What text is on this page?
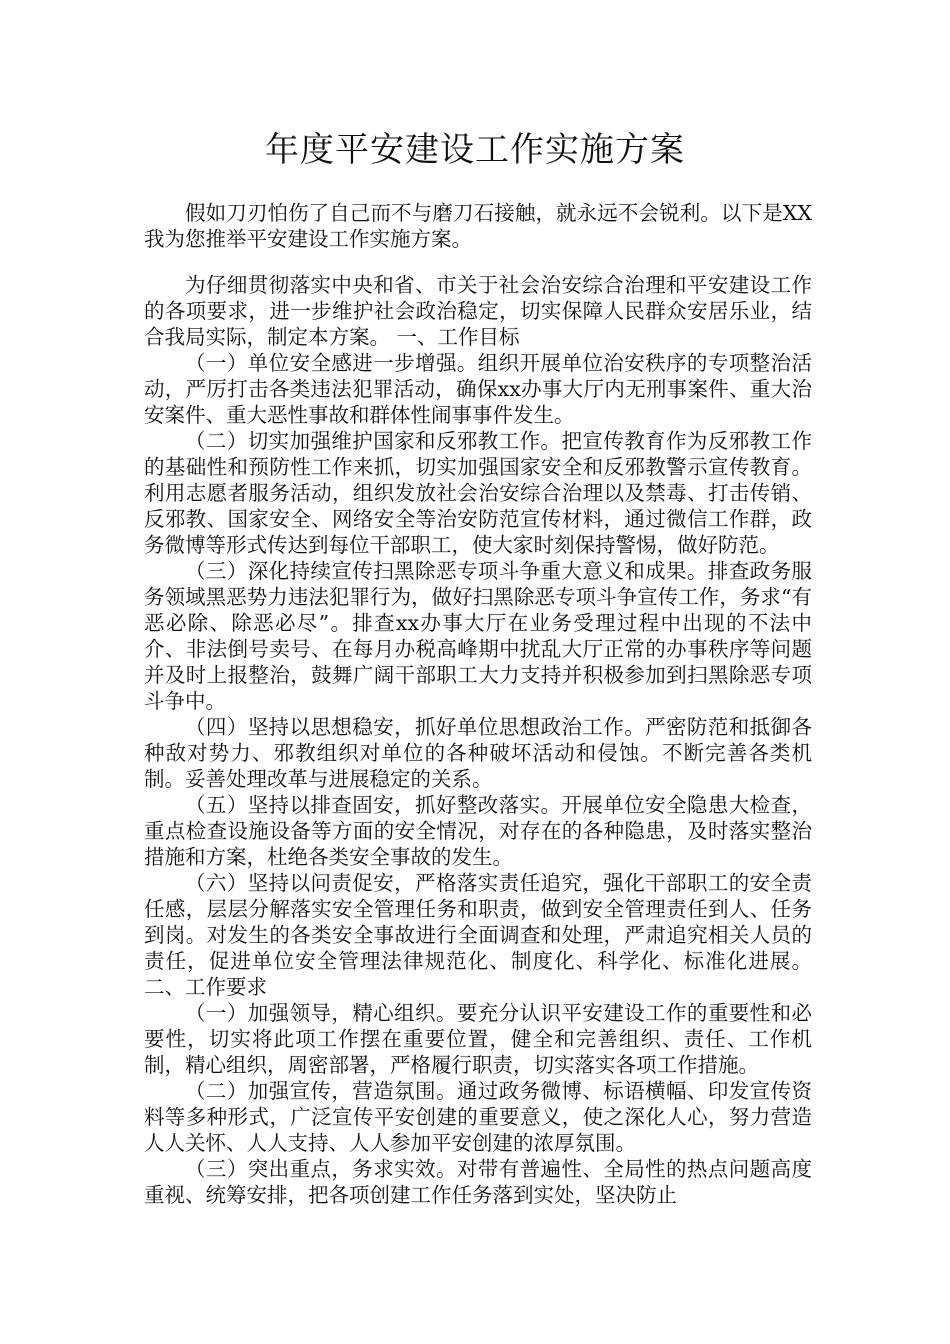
年度平安建设工作实施方案

假如刀刃怕伤了自己而不与磨刀石接触，就永远不会锐利。以下是XX我为您推举平安建设工作实施方案。

为仔细贯彻落实中央和省、市关于社会治安综合治理和平安建设工作的各项要求，进一步维护社会政治稳定，切实保障人民群众安居乐业，结合我局实际，制定本方案。 一、工作目标

（一）单位安全感进一步增强。组织开展单位治安秩序的专项整治活动，严厉打击各类违法犯罪活动，确保xx办事大厅内无刑事案件、重大治安案件、重大恶性事故和群体性闹事事件发生。

（二）切实加强维护国家和反邪教工作。把宣传教育作为反邪教工作的基础性和预防性工作来抓，切实加强国家安全和反邪教警示宣传教育。利用志愿者服务活动，组织发放社会治安综合治理以及禁毒、打击传销、反邪教、国家安全、网络安全等治安防范宣传材料，通过微信工作群，政务微博等形式传达到每位干部职工，使大家时刻保持警惕，做好防范。

（三）深化持续宣传扫黑除恶专项斗争重大意义和成果。排查政务服务领域黑恶势力违法犯罪行为，做好扫黑除恶专项斗争宣传工作，务求“有恶必除、除恶必尽”。排查xx办事大厅在业务受理过程中出现的不法中介、非法倒号卖号、在每月办税高峰期中扰乱大厅正常的办事秩序等问题并及时上报整治，鼓舞广阔干部职工大力支持并积极参加到扫黑除恶专项斗争中。

（四）坚持以思想稳安，抓好单位思想政治工作。严密防范和抵御各种敌对势力、邪教组织对单位的各种破坏活动和侵蚀。不断完善各类机制。妥善处理改革与进展稳定的关系。

（五）坚持以排查固安，抓好整改落实。开展单位安全隐患大检查，重点检查设施设备等方面的安全情况，对存在的各种隐患，及时落实整治措施和方案，杜绝各类安全事故的发生。

（六）坚持以问责促安，严格落实责任追究，强化干部职工的安全责任感，层层分解落实安全管理任务和职责，做到安全管理责任到人、任务到岗。对发生的各类安全事故进行全面调查和处理，严肃追究相关人员的责任，促进单位安全管理法律规范化、制度化、科学化、标准化进展。 二、工作要求

（一）加强领导，精心组织。要充分认识平安建设工作的重要性和必要性，切实将此项工作摆在重要位置，健全和完善组织、责任、工作机制，精心组织，周密部署，严格履行职责，切实落实各项工作措施。

（二）加强宣传，营造氛围。通过政务微博、标语横幅、印发宣传资料等多种形式，广泛宣传平安创建的重要意义，使之深化人心，努力营造人人关怀、人人支持、人人参加平安创建的浓厚氛围。

（三）突出重点，务求实效。对带有普遍性、全局性的热点问题高度重视、统筹安排，把各项创建工作任务落到实处，坚决防止
